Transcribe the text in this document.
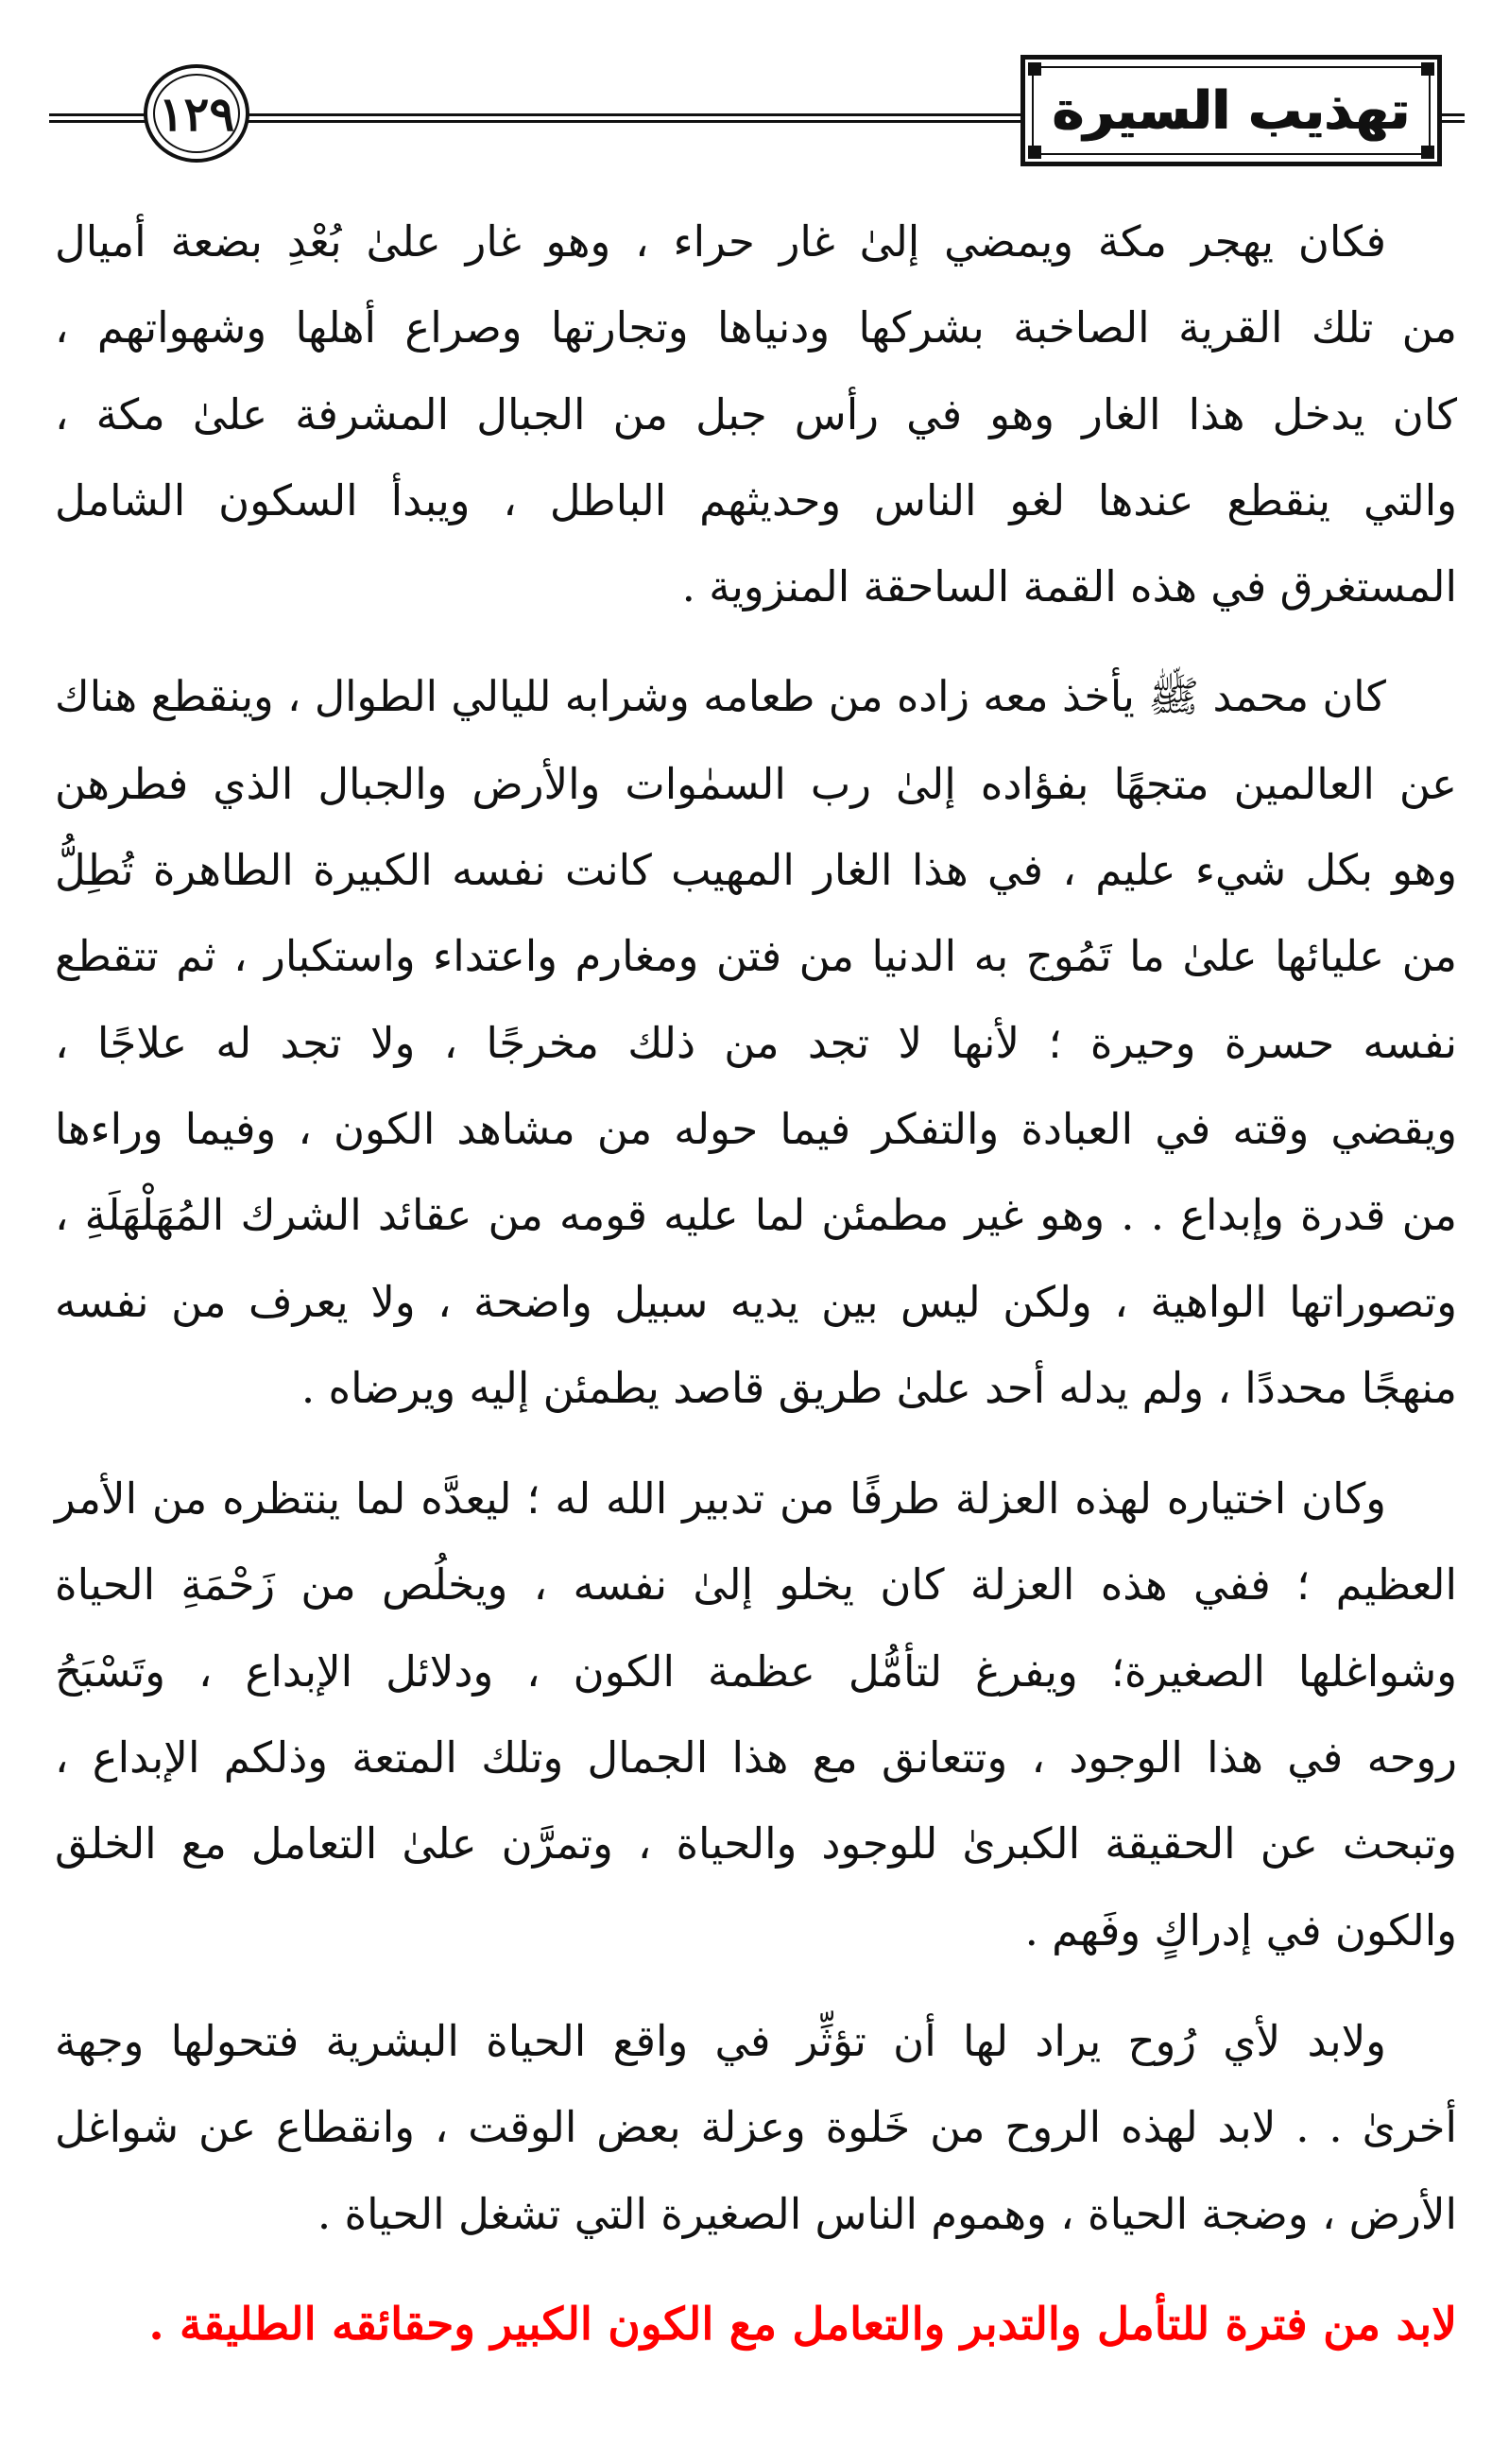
١٢٩	تهذيب السيرة

فكان يهجر مكة ويمضي إلىٰ غار حراء ، وهو غار علىٰ بُعْدِ بضعة أميال
من تلك القرية الصاخبة بشركها ودنياها وتجارتها وصراع أهلها وشهواتهم ،
كان يدخل هذا الغار وهو في رأس جبل من الجبال المشرفة علىٰ مكة ،
والتي ينقطع عندها لغو الناس وحديثهم الباطل ، ويبدأ السكون الشامل
المستغرق في هذه القمة الساحقة المنزوية .

كان محمد ﷺ يأخذ معه زاده من طعامه وشرابه لليالي الطوال ، وينقطع هناك
عن العالمين متجهًا بفؤاده إلىٰ رب السمٰوات والأرض والجبال الذي فطرهن
وهو بكل شيء عليم ، في هذا الغار المهيب كانت نفسه الكبيرة الطاهرة تُطِلُّ
من عليائها علىٰ ما تَمُوج به الدنيا من فتن ومغارم واعتداء واستكبار ، ثم تتقطع
نفسه حسرة وحيرة ؛ لأنها لا تجد من ذلك مخرجًا ، ولا تجد له علاجًا ،
ويقضي وقته في العبادة والتفكر فيما حوله من مشاهد الكون ، وفيما وراءها
من قدرة وإبداع . . وهو غير مطمئن لما عليه قومه من عقائد الشرك المُهَلْهَلَةِ ،
وتصوراتها الواهية ، ولكن ليس بين يديه سبيل واضحة ، ولا يعرف من نفسه
منهجًا محددًا ، ولم يدله أحد علىٰ طريق قاصد يطمئن إليه ويرضاه .

وكان اختياره لهذه العزلة طرفًا من تدبير الله له ؛ ليعدَّه لما ينتظره من الأمر
العظيم ؛ ففي هذه العزلة كان يخلو إلىٰ نفسه ، ويخلُص من زَحْمَةِ الحياة
وشواغلها الصغيرة؛ ويفرغ لتأمُّل عظمة الكون ، ودلائل الإبداع ، وتَسْبَحُ
روحه في هذا الوجود ، وتتعانق مع هذا الجمال وتلك المتعة وذلكم الإبداع ،
وتبحث عن الحقيقة الكبرىٰ للوجود والحياة ، وتمرَّن علىٰ التعامل مع الخلق
والكون في إدراكٍ وفَهم .

ولابد لأي رُوح يراد لها أن تؤثِّر في واقع الحياة البشرية فتحولها وجهة
أخرىٰ . . لابد لهذه الروح من خَلوة وعزلة بعض الوقت ، وانقطاع عن شواغل
الأرض ، وضجة الحياة ، وهموم الناس الصغيرة التي تشغل الحياة .

لابد من فترة للتأمل والتدبر والتعامل مع الكون الكبير وحقائقه الطليقة .
